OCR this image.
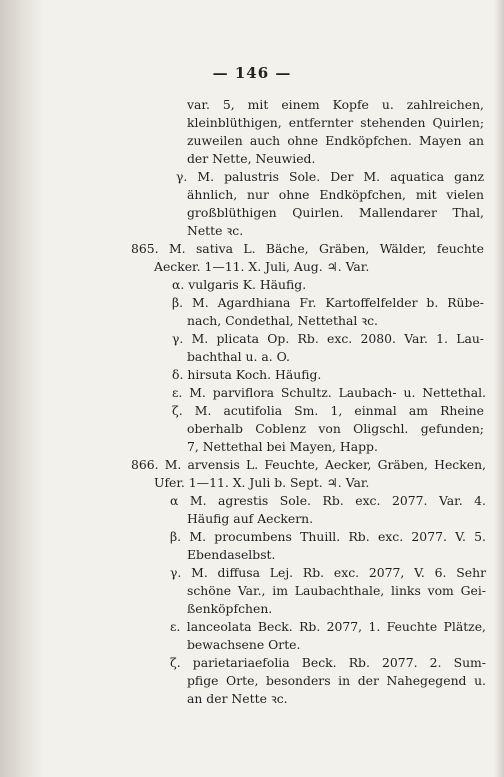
— 146 —
var. 5, mit einem Kopfe u. zahlreichen,
kleinblüthigen, entfernter stehenden Quirlen;
zuweilen auch ohne Endköpfchen. Mayen an
der Nette, Neuwied.
γ. M. palustris Sole. Der M. aquatica ganz
ähnlich, nur ohne Endköpfchen, mit vielen
großblüthigen Quirlen. Mallendarer Thal,
Nette ꝛc.
865. M. sativa L. Bäche, Gräben, Wälder, feuchte
Aecker. 1—11. X. Juli, Aug. ♃. Var.
α. vulgaris K. Häufig.
β. M. Agardhiana Fr. Kartoffelfelder b. Rübe-
nach, Condethal, Nettethal ꝛc.
γ. M. plicata Op. Rb. exc. 2080. Var. 1. Lau-
bachthal u. a. O.
δ. hirsuta Koch. Häufig.
ε. M. parviflora Schultz. Laubach- u. Nettethal.
ζ. M. acutifolia Sm. 1, einmal am Rheine
oberhalb Coblenz von Oligschl. gefunden;
7, Nettethal bei Mayen, Happ.
866. M. arvensis L. Feuchte, Aecker, Gräben, Hecken,
Ufer. 1—11. X. Juli b. Sept. ♃. Var.
α M. agrestis Sole. Rb. exc. 2077. Var. 4.
Häufig auf Aeckern.
β. M. procumbens Thuill. Rb. exc. 2077. V. 5.
Ebendaselbst.
γ. M. diffusa Lej. Rb. exc. 2077, V. 6. Sehr
schöne Var., im Laubachthale, links vom Gei-
ßenköpfchen.
ε. lanceolata Beck. Rb. 2077, 1. Feuchte Plätze,
bewachsene Orte.
ζ. parietariaefolia Beck. Rb. 2077. 2. Sum-
pfige Orte, besonders in der Nahegegend u.
an der Nette ꝛc.
